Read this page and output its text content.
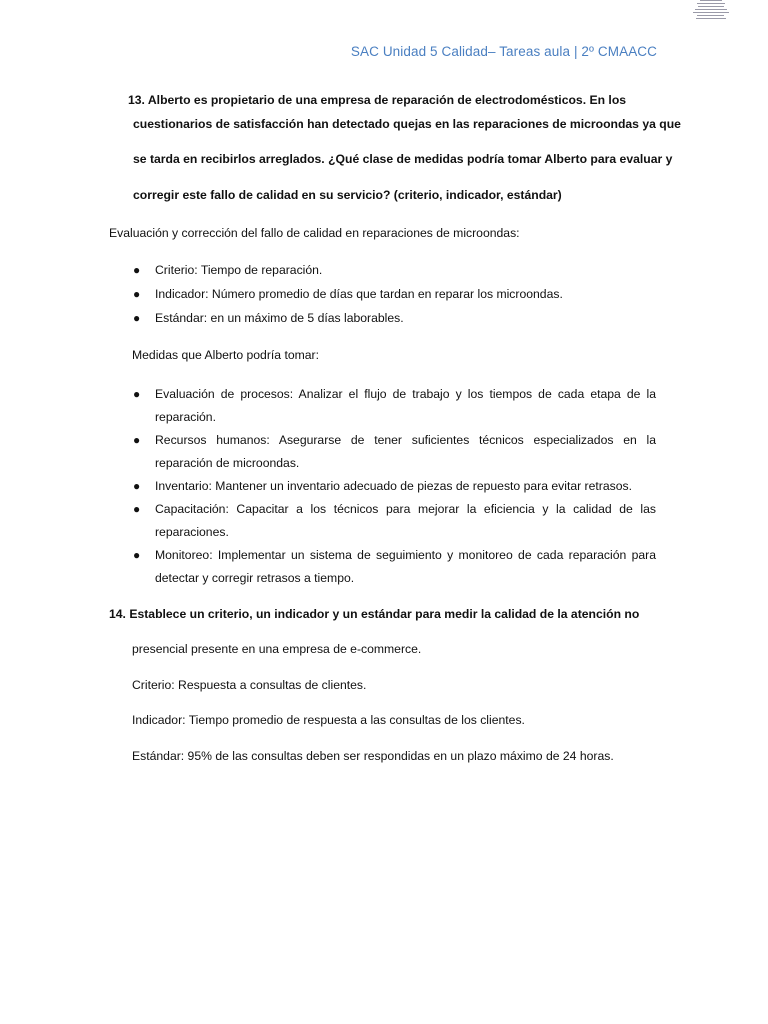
SAC Unidad 5 Calidad– Tareas aula | 2º CMAACC
13. Alberto es propietario de una empresa de reparación de electrodomésticos. En los
cuestionarios de satisfacción han detectado quejas en las reparaciones de microondas ya que
se tarda en recibirlos arreglados. ¿Qué clase de medidas podría tomar Alberto para evaluar y
corregir este fallo de calidad en su servicio? (criterio, indicador, estándar)
Evaluación y corrección del fallo de calidad en reparaciones de microondas:
● Criterio: Tiempo de reparación.
● Indicador: Número promedio de días que tardan en reparar los microondas.
● Estándar: en un máximo de 5 días laborables.
Medidas que Alberto podría tomar:
● Evaluación de procesos: Analizar el flujo de trabajo y los tiempos de cada etapa de la reparación.
● Recursos humanos: Asegurarse de tener suficientes técnicos especializados en la reparación de microondas.
● Inventario: Mantener un inventario adecuado de piezas de repuesto para evitar retrasos.
● Capacitación: Capacitar a los técnicos para mejorar la eficiencia y la calidad de las reparaciones.
● Monitoreo: Implementar un sistema de seguimiento y monitoreo de cada reparación para detectar y corregir retrasos a tiempo.
14. Establece un criterio, un indicador y un estándar para medir la calidad de la atención no
presencial presente en una empresa de e-commerce.
Criterio: Respuesta a consultas de clientes.
Indicador: Tiempo promedio de respuesta a las consultas de los clientes.
Estándar: 95% de las consultas deben ser respondidas en un plazo máximo de 24 horas.
